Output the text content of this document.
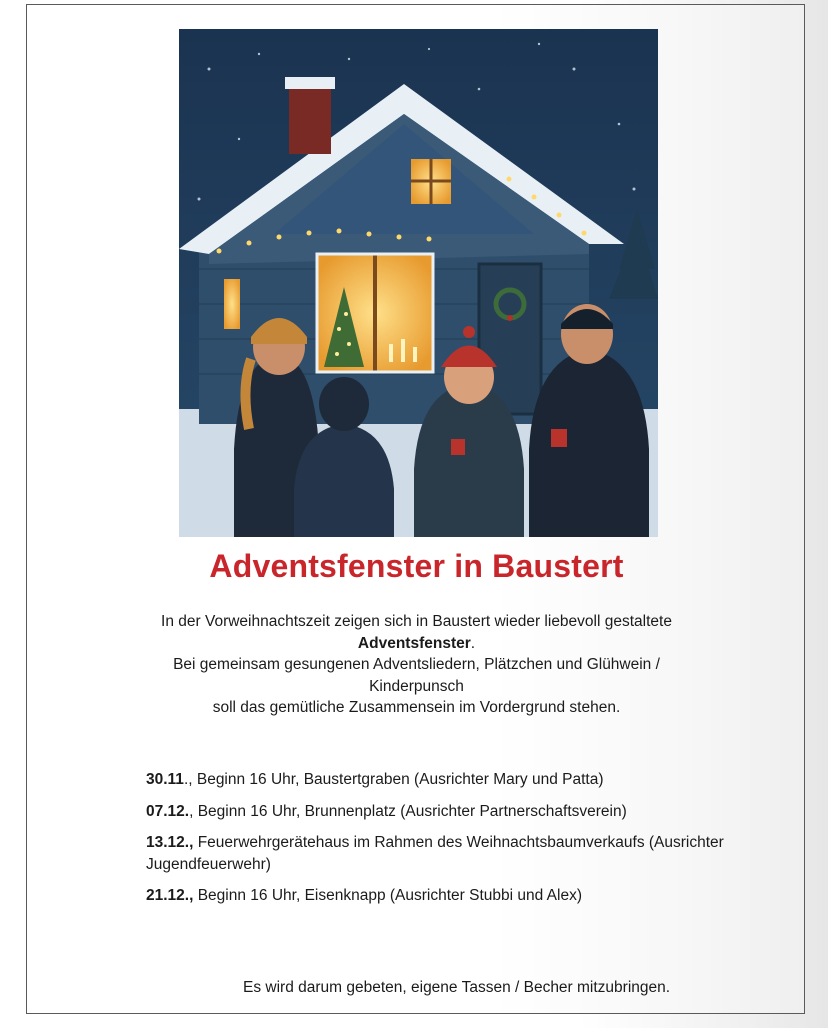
Adventsfenster in Baustert
In der Vorweihnachtszeit zeigen sich in Baustert wieder liebevoll gestaltete
Adventsfenster.
Bei gemeinsam gesungenen Adventsliedern, Plätzchen und Glühwein /
Kinderpunsch
soll das gemütliche Zusammensein im Vordergrund stehen.
30.11., Beginn 16 Uhr, Baustertgraben (Ausrichter Mary und Patta)
07.12., Beginn 16 Uhr, Brunnenplatz (Ausrichter Partnerschaftsverein)
13.12., Feuerwehrgerätehaus im Rahmen des Weihnachtsbaumverkaufs (Ausrichter Jugendfeuerwehr)
21.12., Beginn 16 Uhr, Eisenknapp (Ausrichter Stubbi und Alex)
Es wird darum gebeten, eigene Tassen / Becher mitzubringen.
